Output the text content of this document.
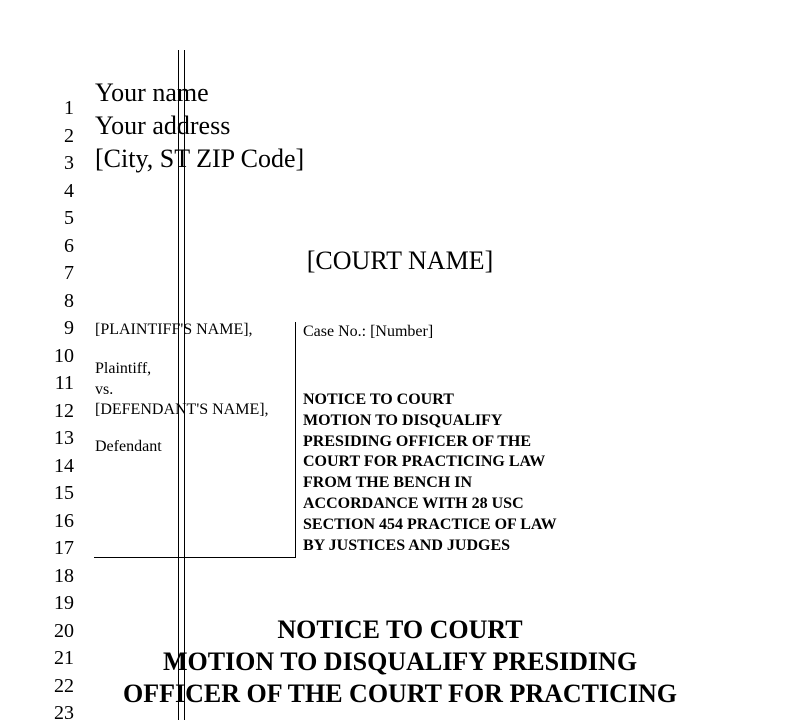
1
2
3
4
5
6
7
8
9
10
11
12
13
14
15
16
17
18
19
20
21
22
23
Your name
Your address
[City, ST ZIP Code]
[COURT NAME]
[PLAINTIFF'S NAME],
Plaintiff,
vs.
[DEFENDANT'S NAME],
Defendant
Case No.: [Number]
NOTICE TO COURT
MOTION TO DISQUALIFY
PRESIDING OFFICER OF THE
COURT FOR PRACTICING LAW
FROM THE BENCH IN
ACCORDANCE WITH 28 USC
SECTION 454 PRACTICE OF LAW
BY JUSTICES AND JUDGES
NOTICE TO COURT
MOTION TO DISQUALIFY PRESIDING
OFFICER OF THE COURT FOR PRACTICING
